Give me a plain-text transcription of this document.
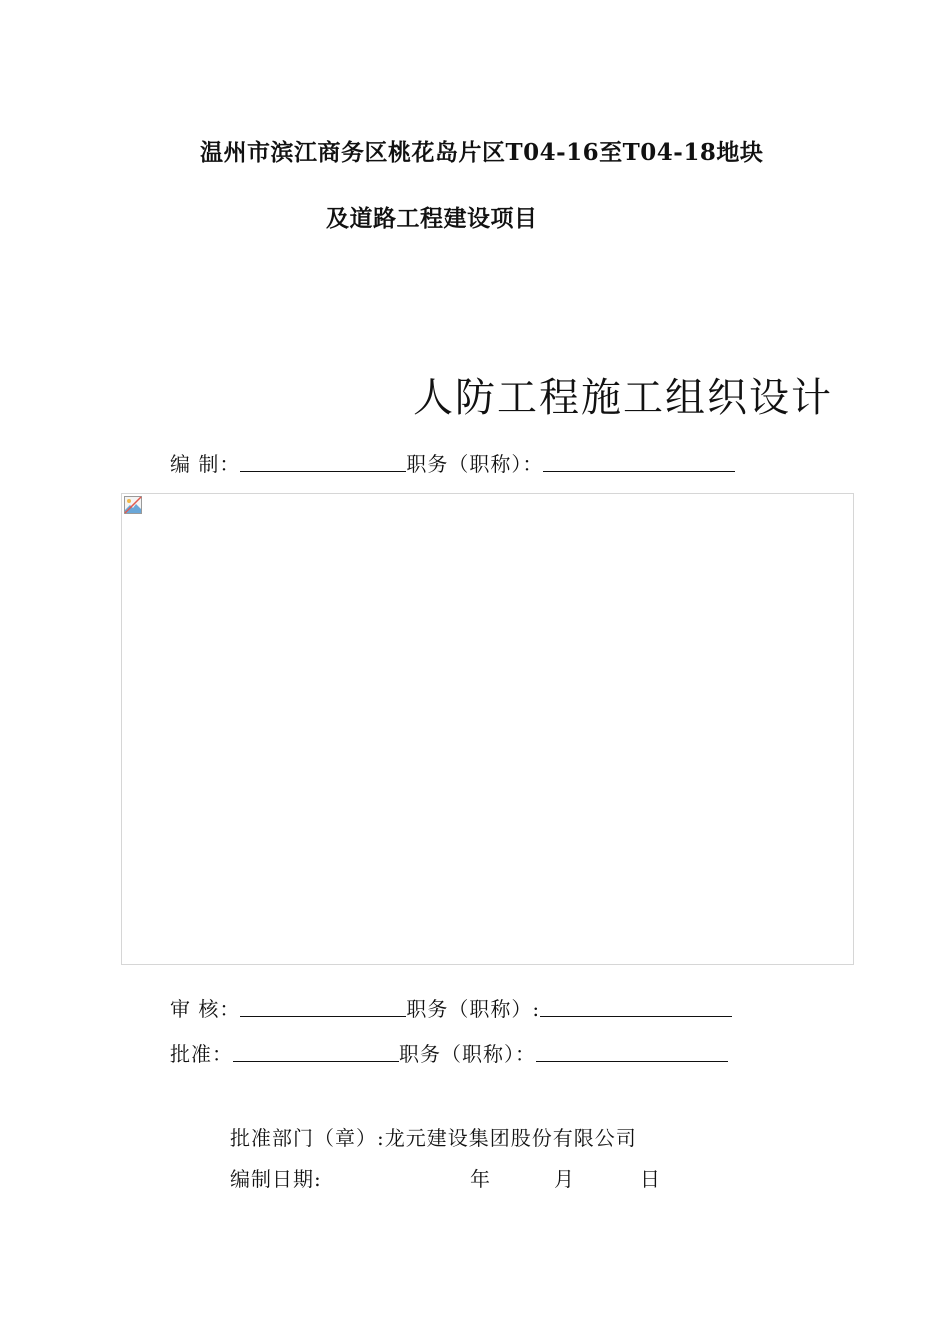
温州市滨江商务区桃花岛片区T04-16至T04-18地块
及道路工程建设项目
人防工程施工组织设计
编 制：	职务（职称）：
审 核：	职务（职称）:
批准：	职务（职称）：
批准部门（章）:龙元建设集团股份有限公司
编制日期:	年	月	日
